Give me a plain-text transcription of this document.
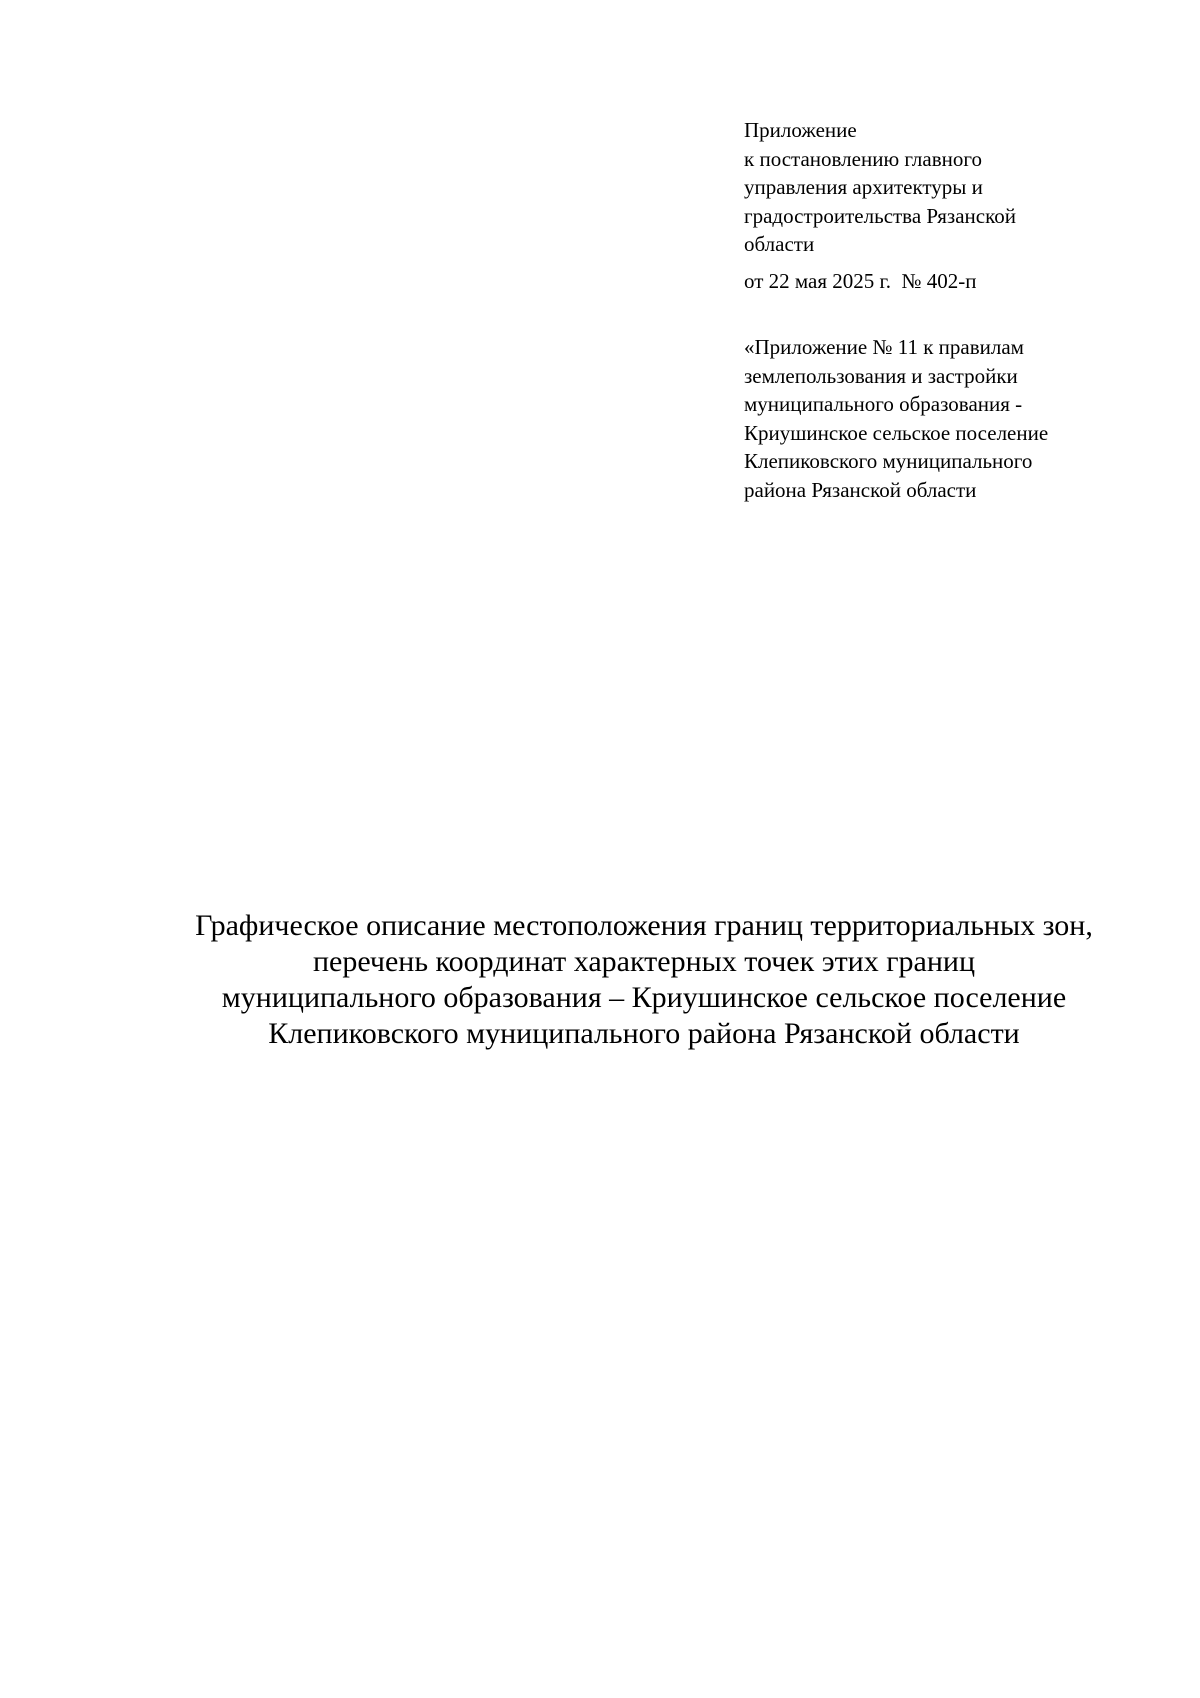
Приложение
к постановлению главного
управления архитектуры и
градостроительства Рязанской
области
от 22 мая 2025 г.  № 402-п
«Приложение № 11 к правилам
землепользования и застройки
муниципального образования -
Криушинское сельское поселение
Клепиковского муниципального
района Рязанской области
Графическое описание местоположения границ территориальных зон,
перечень координат характерных точек этих границ
муниципального образования – Криушинское сельское поселение
Клепиковского муниципального района Рязанской области
